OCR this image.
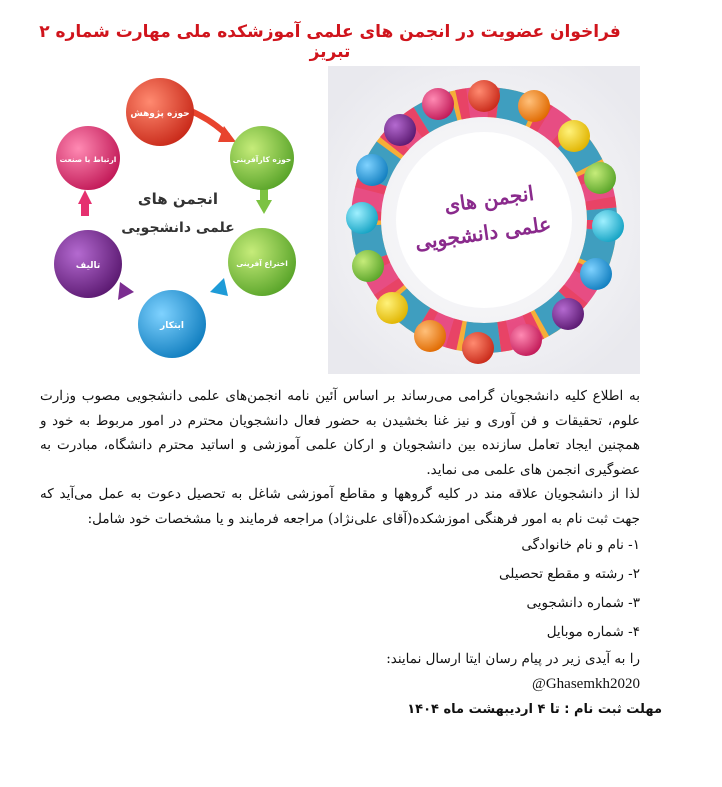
فراخوان عضویت در انجمن های علمی آموزشکده ملی مهارت شماره ۲ تبریز
حوزه پژوهش
حوزه کارآفرینی
اختراع آفرینی
ابتکار
تالیف
ارتباط با صنعت
انجمن های
علمی دانشجویی
انجمن های
علمی دانشجویی

به اطلاع کلیه دانشجویان گرامی می‌رساند بر اساس آئین نامه انجمن‌های علمی دانشجویی مصوب وزارت علوم، تحقیقات و فن آوری و نیز غنا بخشیدن به حضور فعال دانشجویان محترم در امور مربوط به خود و همچنین ایجاد تعامل سازنده بین دانشجویان و ارکان علمی آموزشی و اساتید محترم دانشگاه، مبادرت به عضوگیری انجمن های علمی می نماید.

لذا از دانشجویان علاقه مند در کلیه گروهها و مقاطع آموزشی شاغل به تحصیل دعوت به عمل می‌آید که جهت ثبت نام به امور فرهنگی اموزشکده(آقای علی‌نژاد) مراجعه فرمایند و یا مشخصات خود شامل:

۱- نام و نام خانوادگی
۲- رشته و مقطع تحصیلی
۳- شماره دانشجویی
۴- شماره موبایل

را به آیدی زیر در پیام رسان ایتا ارسال نمایند:

@Ghasemkh2020
مهلت ثبت نام : تا ۴ اردیبهشت ماه ۱۴۰۴
